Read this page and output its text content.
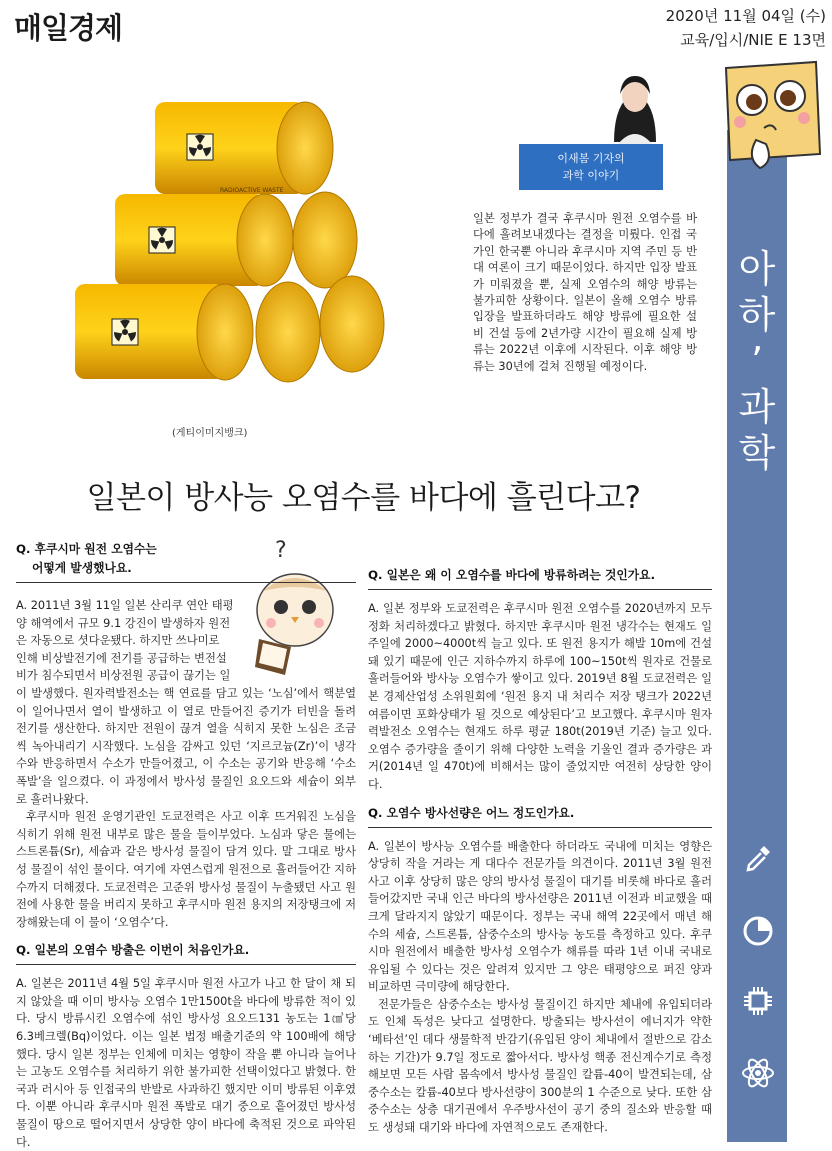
매일경제	2020년 11월 04일 (수)
교육/입시/NIE E 13면
RADIOACTIVE WASTE
(게티이미지뱅크)
이새봄 기자의
과학 이야기
일본 정부가 결국 후쿠시마 원전 오염수를 바다에 흘려보내겠다는 결정을 미뤘다. 인접 국가인 한국뿐 아니라 후쿠시마 지역 주민 등 반대 여론이 크기 때문이었다. 하지만 입장 발표가 미뤄졌을 뿐, 실제 오염수의 해양 방류는 불가피한 상황이다. 일본이 올해 오염수 방류 입장을 발표하더라도 해양 방류에 필요한 설비 건설 등에 2년가량 시간이 필요해 실제 방류는 2022년 이후에 시작된다. 이후 해양 방류는 30년에 걸쳐 진행될 예정이다.
아
하
’
과
학
일본이 방사능 오염수를 바다에 흘린다고?
?
Q. 후쿠시마 원전 오염수는
어떻게 발생했나요.
A. 2011년 3월 11일 일본 산리쿠 연안 태평
양 해역에서 규모 9.1 강진이 발생하자 원전
은 자동으로 셧다운됐다. 하지만 쓰나미로
인해 비상발전기에 전기를 공급하는 변전설
비가 침수되면서 비상전원 공급이 끊기는 일

이 발생했다. 원자력발전소는 핵 연료를 담고 있는 ‘노심’에서 핵분열이 일어나면서 열이 발생하고 이 열로 만들어진 증기가 터빈을 돌려 전기를 생산한다. 하지만 전원이 끊겨 열을 식히지 못한 노심은 조금씩 녹아내리기 시작했다. 노심을 감싸고 있던 ‘지르코늄(Zr)’이 냉각수와 반응하면서 수소가 만들어졌고, 이 수소는 공기와 반응해 ‘수소 폭발’을 일으켰다. 이 과정에서 방사성 물질인 요오드와 세슘이 외부로 흘러나왔다.

후쿠시마 원전 운영기관인 도쿄전력은 사고 이후 뜨거워진 노심을 식히기 위해 원전 내부로 많은 물을 들이부었다. 노심과 닿은 물에는 스트론튬(Sr), 세슘과 같은 방사성 물질이 담겨 있다. 말 그대로 방사성 물질이 섞인 물이다. 여기에 자연스럽게 원전으로 흘러들어간 지하수까지 더해졌다. 도쿄전력은 고준위 방사성 물질이 누출됐던 사고 원전에 사용한 물을 버리지 못하고 후쿠시마 원전 용지의 저장탱크에 저장해왔는데 이 물이 ‘오염수’다.

Q. 일본의 오염수 방출은 이번이 처음인가요.

A. 일본은 2011년 4월 5일 후쿠시마 원전 사고가 나고 한 달이 채 되지 않았을 때 이미 방사능 오염수 1만1500t을 바다에 방류한 적이 있다. 당시 방류시킨 오염수에 섞인 방사성 요오드131 농도는 1㎤당 6.3베크렐(Bq)이었다. 이는 일본 법정 배출기준의 약 100배에 해당했다. 당시 일본 정부는 인체에 미치는 영향이 작을 뿐 아니라 늘어나는 고농도 오염수를 처리하기 위한 불가피한 선택이었다고 밝혔다. 한국과 러시아 등 인접국의 반발로 사과하긴 했지만 이미 방류된 이후였다. 이뿐 아니라 후쿠시마 원전 폭발로 대기 중으로 흩어졌던 방사성 물질이 땅으로 떨어지면서 상당한 양이 바다에 축적된 것으로 파악된다.

Q. 일본은 왜 이 오염수를 바다에 방류하려는 것인가요.

A. 일본 정부와 도쿄전력은 후쿠시마 원전 오염수를 2020년까지 모두 정화 처리하겠다고 밝혔다. 하지만 후쿠시마 원전 냉각수는 현재도 일주일에 2000~4000t씩 늘고 있다. 또 원전 용지가 해발 10m에 건설돼 있기 때문에 인근 지하수까지 하루에 100~150t씩 원자로 건물로 흘러들어와 방사능 오염수가 쌓이고 있다. 2019년 8월 도쿄전력은 일본 경제산업성 소위원회에 ‘원전 용지 내 처리수 저장 탱크가 2022년 여름이면 포화상태가 될 것으로 예상된다’고 보고했다. 후쿠시마 원자력발전소 오염수는 현재도 하루 평균 180t(2019년 기준) 늘고 있다. 오염수 증가량을 줄이기 위해 다양한 노력을 기울인 결과 증가량은 과거(2014년 일 470t)에 비해서는 많이 줄었지만 여전히 상당한 양이다.

Q. 오염수 방사선량은 어느 정도인가요.

A. 일본이 방사능 오염수를 배출한다 하더라도 국내에 미치는 영향은 상당히 작을 거라는 게 대다수 전문가들 의견이다. 2011년 3월 원전 사고 이후 상당히 많은 양의 방사성 물질이 대기를 비롯해 바다로 흘러들어갔지만 국내 인근 바다의 방사선량은 2011년 이전과 비교했을 때 크게 달라지지 않았기 때문이다. 정부는 국내 해역 22곳에서 매년 해수의 세슘, 스트론튬, 삼중수소의 방사능 농도를 측정하고 있다. 후쿠시마 원전에서 배출한 방사성 오염수가 해류를 따라 1년 이내 국내로 유입될 수 있다는 것은 알려져 있지만 그 양은 태평양으로 퍼진 양과 비교하면 극미량에 해당한다.

전문가들은 삼중수소는 방사성 물질이긴 하지만 체내에 유입되더라도 인체 독성은 낮다고 설명한다. 방출되는 방사선이 에너지가 약한 ‘베타선’인 데다 생물학적 반감기(유입된 양이 체내에서 절반으로 감소하는 기간)가 9.7일 정도로 짧아서다. 방사성 핵종 전신계수기로 측정해보면 모든 사람 몸속에서 방사성 물질인 칼륨-40이 발견되는데, 삼중수소는 칼륨-40보다 방사선량이 300분의 1 수준으로 낮다. 또한 삼중수소는 상층 대기권에서 우주방사선이 공기 중의 질소와 반응할 때도 생성돼 대기와 바다에 자연적으로도 존재한다.
